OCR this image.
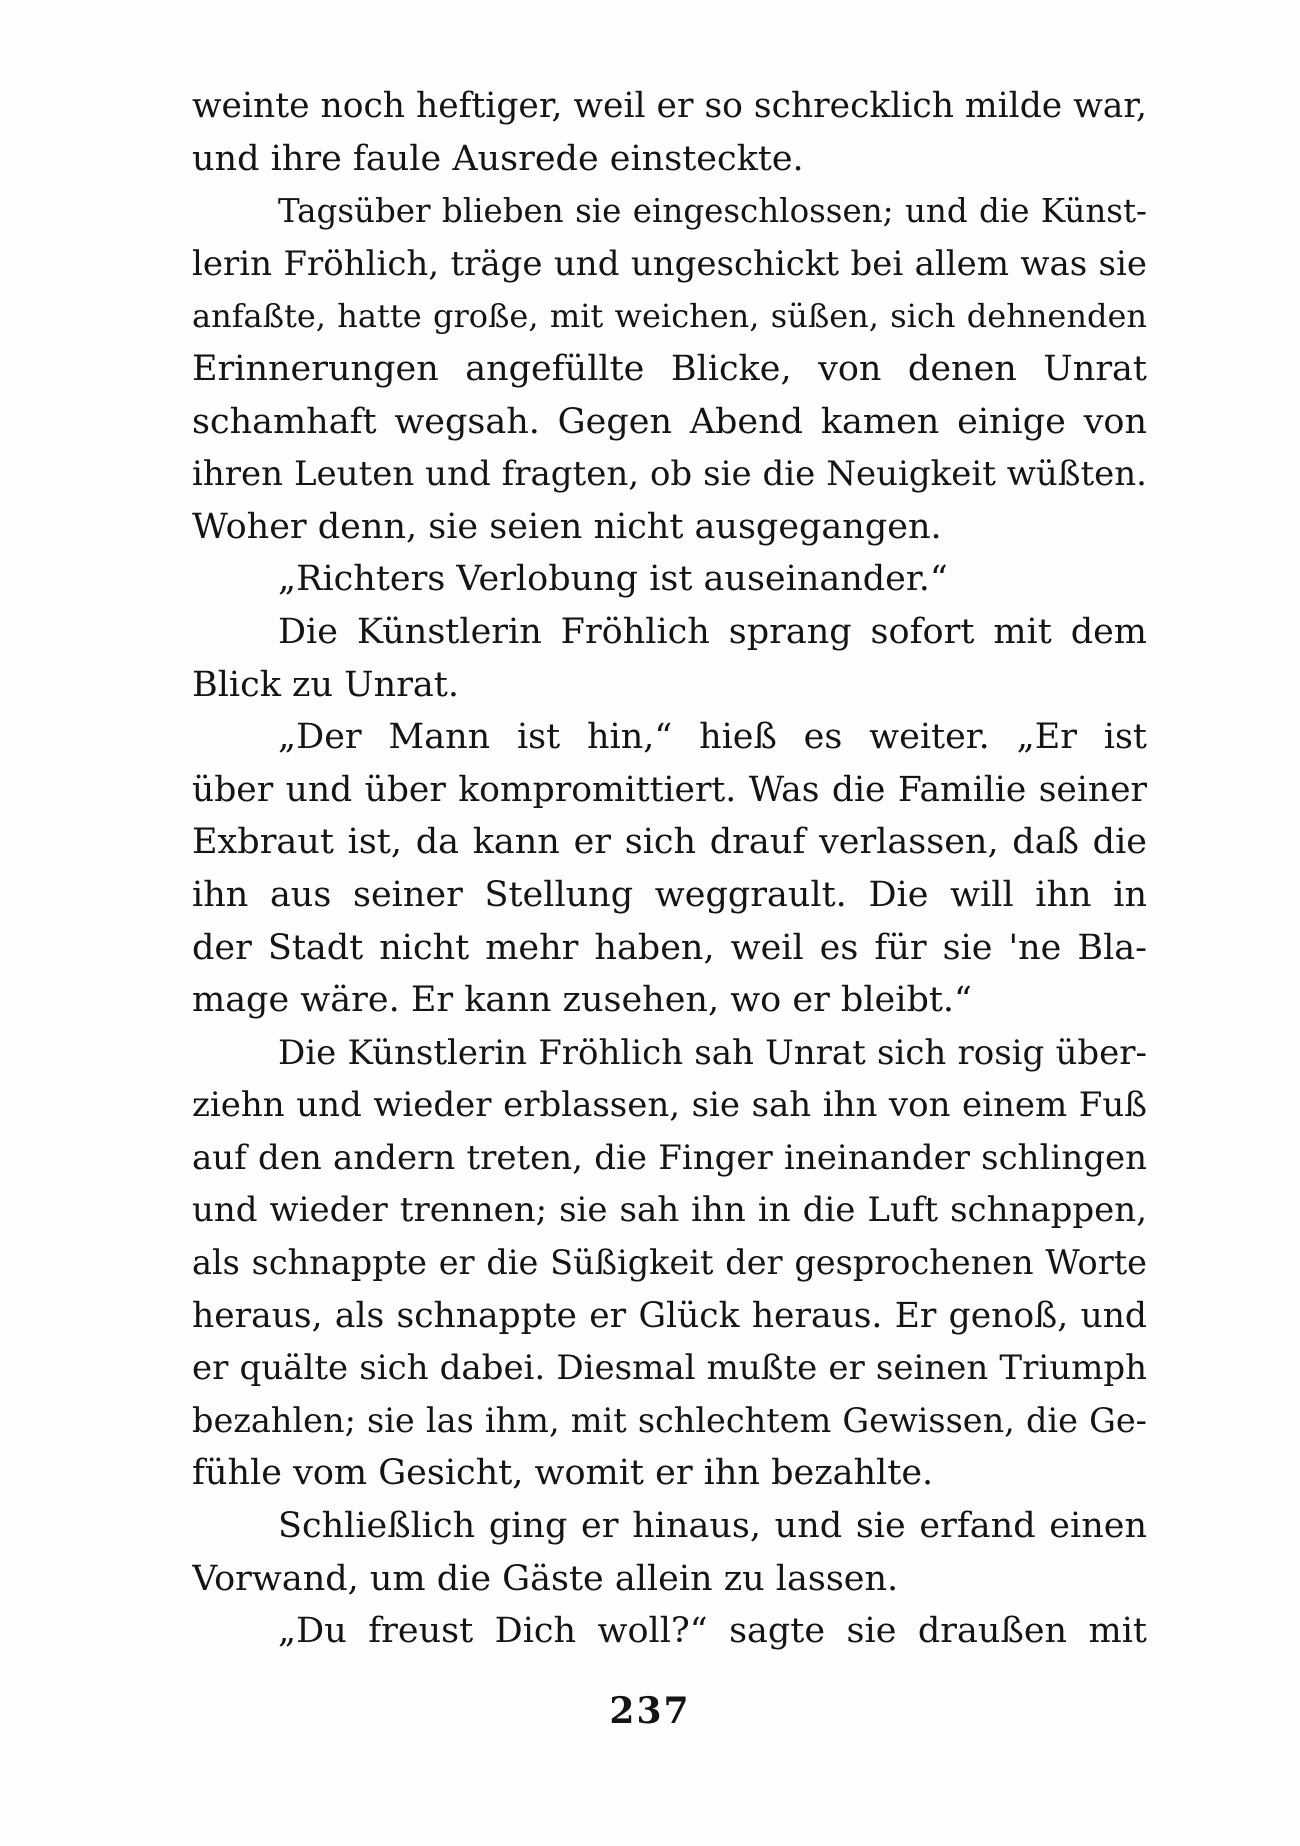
weinte noch heftiger, weil er so schrecklich milde war,
und ihre faule Ausrede einsteckte.
Tagsüber blieben sie eingeschlossen; und die Künst-
lerin Fröhlich, träge und ungeschickt bei allem was sie
anfaßte, hatte große, mit weichen, süßen, sich dehnenden
Erinnerungen angefüllte Blicke, von denen Unrat
schamhaft wegsah. Gegen Abend kamen einige von
ihren Leuten und fragten, ob sie die Neuigkeit wüßten.
Woher denn, sie seien nicht ausgegangen.
„Richters Verlobung ist auseinander.“
Die Künstlerin Fröhlich sprang sofort mit dem
Blick zu Unrat.
„Der Mann ist hin,“ hieß es weiter. „Er ist
über und über kompromittiert. Was die Familie seiner
Exbraut ist, da kann er sich drauf verlassen, daß die
ihn aus seiner Stellung weggrault. Die will ihn in
der Stadt nicht mehr haben, weil es für sie 'ne Bla-
mage wäre. Er kann zusehen, wo er bleibt.“
Die Künstlerin Fröhlich sah Unrat sich rosig über-
ziehn und wieder erblassen, sie sah ihn von einem Fuß
auf den andern treten, die Finger ineinander schlingen
und wieder trennen; sie sah ihn in die Luft schnappen,
als schnappte er die Süßigkeit der gesprochenen Worte
heraus, als schnappte er Glück heraus. Er genoß, und
er quälte sich dabei. Diesmal mußte er seinen Triumph
bezahlen; sie las ihm, mit schlechtem Gewissen, die Ge-
fühle vom Gesicht, womit er ihn bezahlte.
Schließlich ging er hinaus, und sie erfand einen
Vorwand, um die Gäste allein zu lassen.
„Du freust Dich woll?“ sagte sie draußen mit
237
